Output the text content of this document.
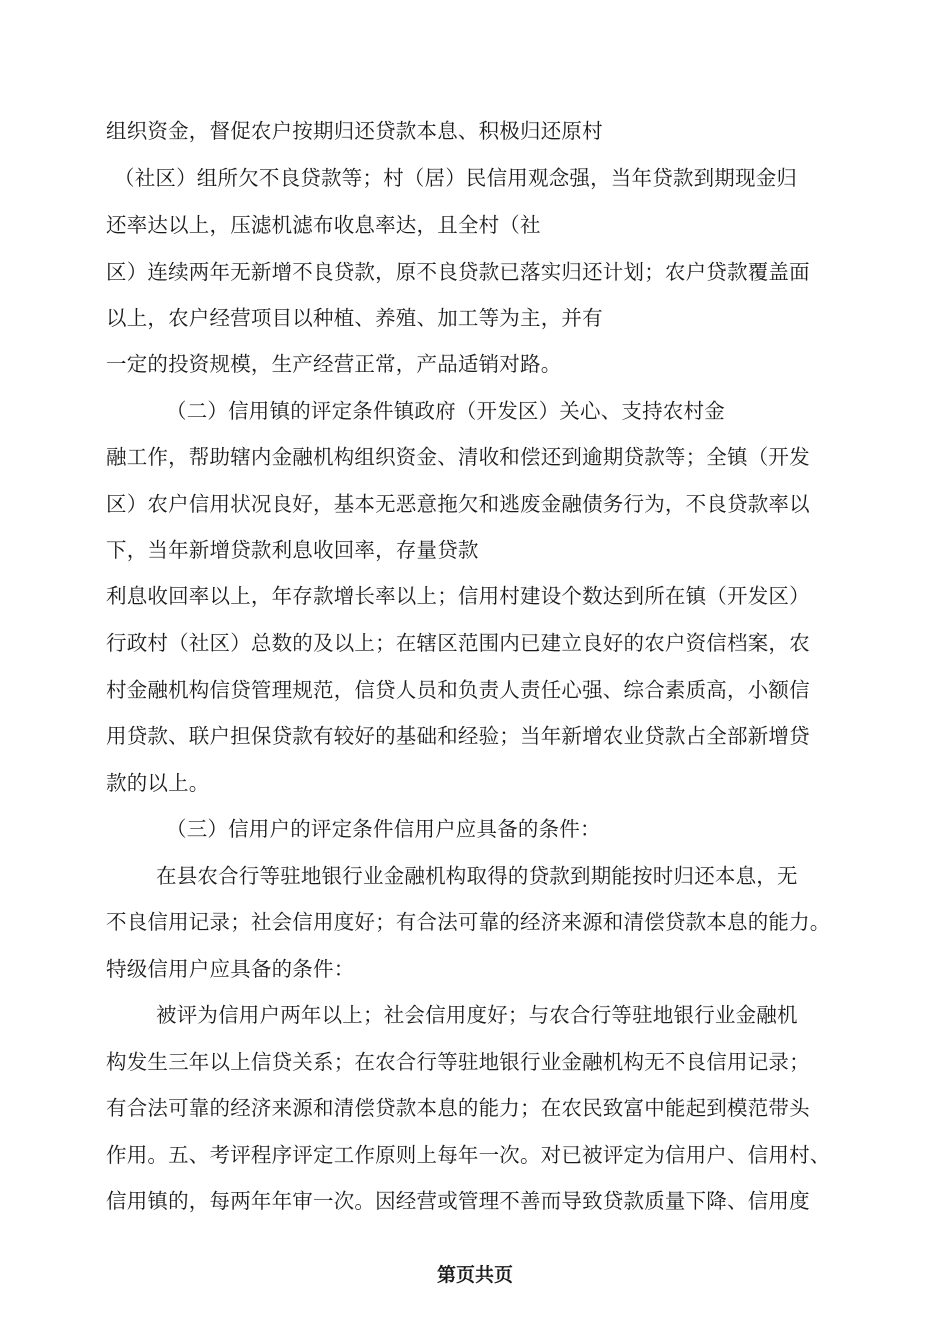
组织资金，督促农户按期归还贷款本息、积极归还原村
（社区）组所欠不良贷款等；村（居）民信用观念强，当年贷款到期现金归
还率达以上，压滤机滤布收息率达，且全村（社
区）连续两年无新增不良贷款，原不良贷款已落实归还计划；农户贷款覆盖面
以上，农户经营项目以种植、养殖、加工等为主，并有
一定的投资规模，生产经营正常，产品适销对路。
（二）信用镇的评定条件镇政府（开发区）关心、支持农村金
融工作，帮助辖内金融机构组织资金、清收和偿还到逾期贷款等；全镇（开发
区）农户信用状况良好，基本无恶意拖欠和逃废金融债务行为，不良贷款率以
下，当年新增贷款利息收回率，存量贷款
利息收回率以上，年存款增长率以上；信用村建设个数达到所在镇（开发区）
行政村（社区）总数的及以上；在辖区范围内已建立良好的农户资信档案，农
村金融机构信贷管理规范，信贷人员和负责人责任心强、综合素质高，小额信
用贷款、联户担保贷款有较好的基础和经验；当年新增农业贷款占全部新增贷
款的以上。
（三）信用户的评定条件信用户应具备的条件：
在县农合行等驻地银行业金融机构取得的贷款到期能按时归还本息，无
不良信用记录；社会信用度好；有合法可靠的经济来源和清偿贷款本息的能力。
特级信用户应具备的条件：
被评为信用户两年以上；社会信用度好；与农合行等驻地银行业金融机
构发生三年以上信贷关系；在农合行等驻地银行业金融机构无不良信用记录；
有合法可靠的经济来源和清偿贷款本息的能力；在农民致富中能起到模范带头
作用。五、考评程序评定工作原则上每年一次。对已被评定为信用户、信用村、
信用镇的，每两年年审一次。因经营或管理不善而导致贷款质量下降、信用度
第页共页
